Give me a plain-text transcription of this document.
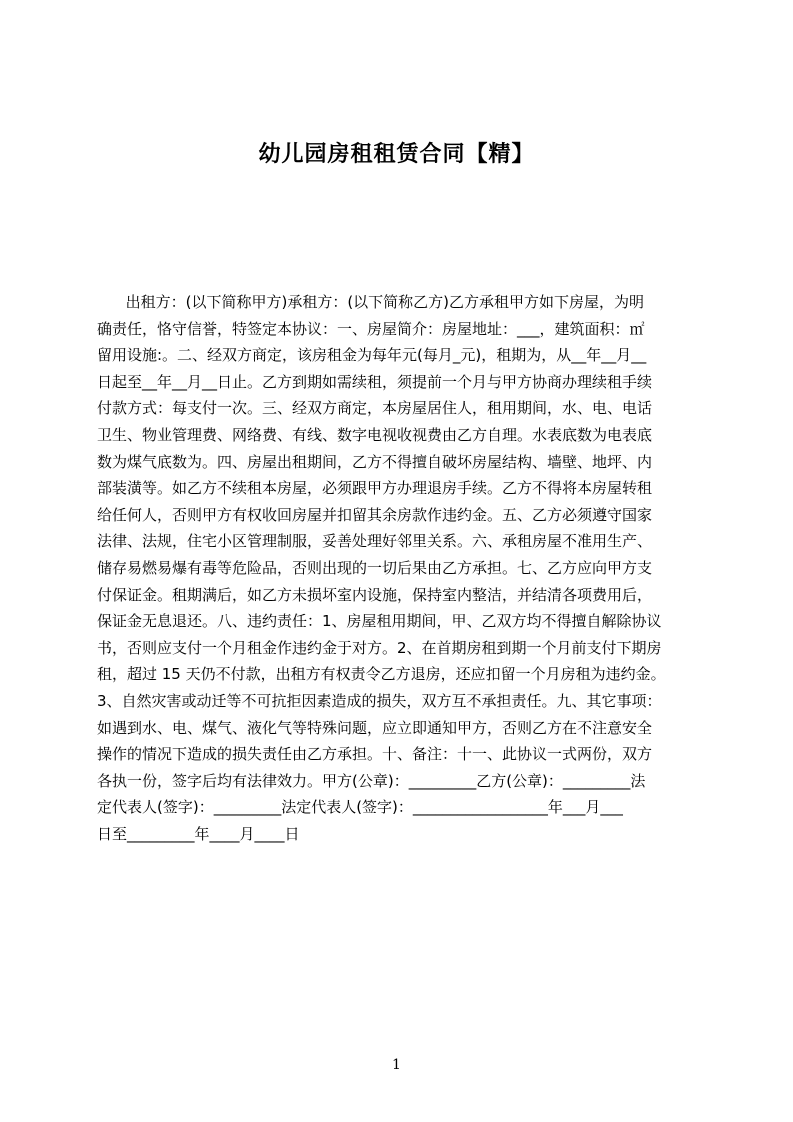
幼儿园房租租赁合同【精】
出租方：(以下简称甲方)承租方：(以下简称乙方)乙方承租甲方如下房屋，为明
确责任，恪守信誉，特签定本协议：一、房屋简介：房屋地址：___，建筑面积：㎡
留用设施:。二、经双方商定，该房租金为每年元(每月_元)，租期为，从__年__月__
日起至__年__月__日止。乙方到期如需续租，须提前一个月与甲方协商办理续租手续
付款方式：每支付一次。三、经双方商定，本房屋居住人，租用期间，水、电、电话
卫生、物业管理费、网络费、有线、数字电视收视费由乙方自理。水表底数为电表底
数为煤气底数为。四、房屋出租期间，乙方不得擅自破坏房屋结构、墙壁、地坪、内
部装潢等。如乙方不续租本房屋，必须跟甲方办理退房手续。乙方不得将本房屋转租
给任何人，否则甲方有权收回房屋并扣留其余房款作违约金。五、乙方必须遵守国家
法律、法规，住宅小区管理制服，妥善处理好邻里关系。六、承租房屋不准用生产、
储存易燃易爆有毒等危险品，否则出现的一切后果由乙方承担。七、乙方应向甲方支
付保证金。租期满后，如乙方未损坏室内设施，保持室内整洁，并结清各项费用后，
保证金无息退还。八、违约责任：1、房屋租用期间，甲、乙双方均不得擅自解除协议
书，否则应支付一个月租金作违约金于对方。2、在首期房租到期一个月前支付下期房
租，超过 15 天仍不付款，出租方有权责令乙方退房，还应扣留一个月房租为违约金。
3、自然灾害或动迁等不可抗拒因素造成的损失，双方互不承担责任。九、其它事项：
如遇到水、电、煤气、液化气等特殊问题，应立即通知甲方，否则乙方在不注意安全
操作的情况下造成的损失责任由乙方承担。十、备注：十一、此协议一式两份，双方
各执一份，签字后均有法律效力。甲方(公章)：_________乙方(公章)：_________法
定代表人(签字)：_________法定代表人(签字)：__________________年___月___
日至_________年____月____日
1
